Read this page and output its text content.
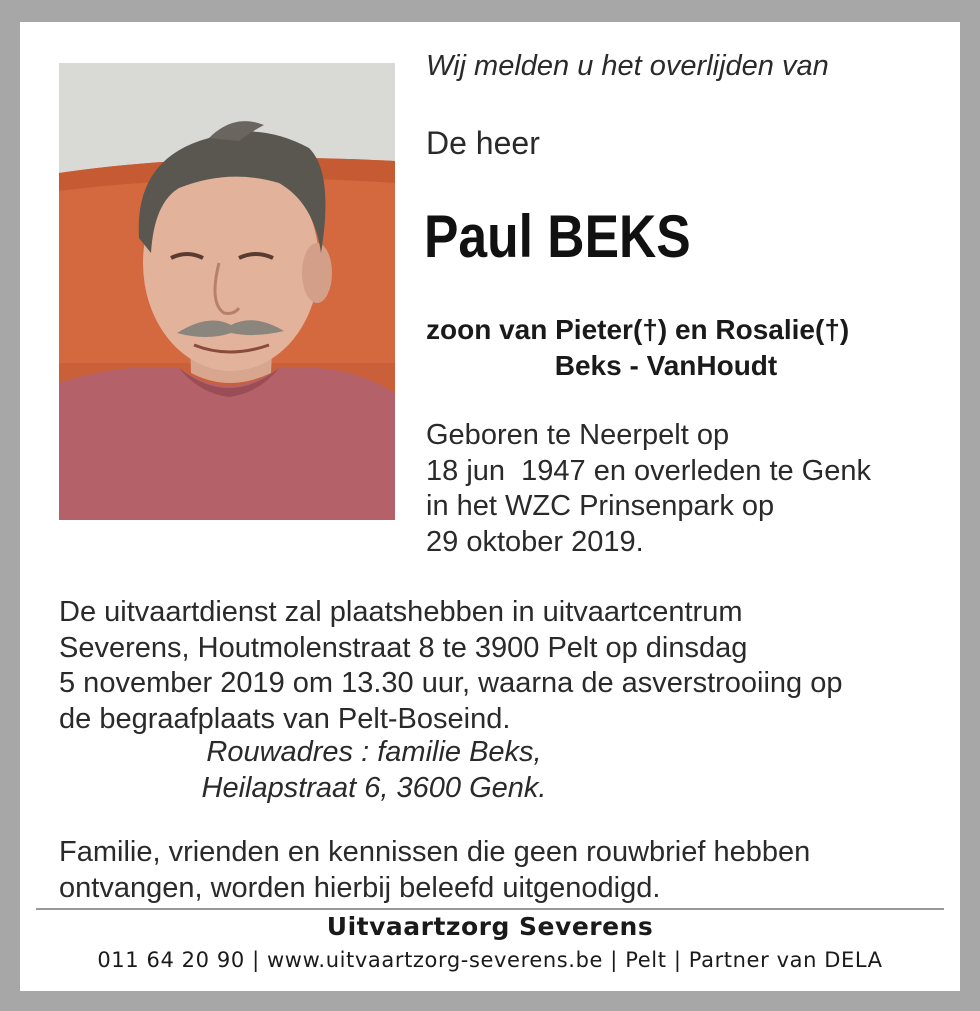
Wij melden u het overlijden van
De heer
Paul BEKS
zoon van Pieter(†) en Rosalie(†)
Beks - VanHoudt
Geboren te Neerpelt op
18 jun  1947 en overleden te Genk
in het WZC Prinsenpark op
29 oktober 2019.
De uitvaartdienst zal plaatshebben in uitvaartcentrum
Severens, Houtmolenstraat 8 te 3900 Pelt op dinsdag
5 november 2019 om 13.30 uur, waarna de asverstrooiing op
de begraafplaats van Pelt-Boseind.
Rouwadres : familie Beks,
Heilapstraat 6, 3600 Genk.
Familie, vrienden en kennissen die geen rouwbrief hebben
ontvangen, worden hierbij beleefd uitgenodigd.
Uitvaartzorg Severens
011 64 20 90 | www.uitvaartzorg-severens.be | Pelt | Partner van DELA
